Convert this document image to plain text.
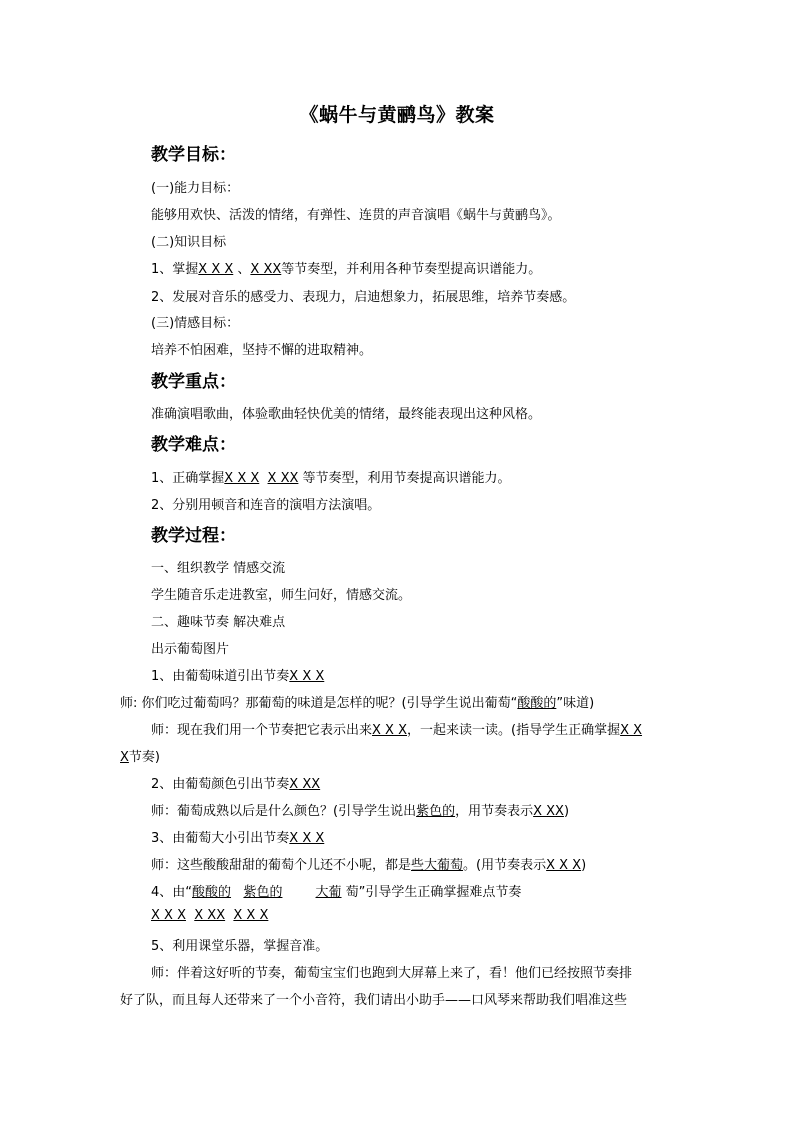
《蜗牛与黄鹂鸟》教案
教学目标：
(一)能力目标：
能够用欢快、活泼的情绪，有弹性、连贯的声音演唱《蜗牛与黄鹂鸟》。
(二)知识目标
1、掌握X X X 、X XX等节奏型，并利用各种节奏型提高识谱能力。
2、发展对音乐的感受力、表现力，启迪想象力，拓展思维，培养节奏感。
(三)情感目标：
培养不怕困难，坚持不懈的进取精神。
教学重点：
准确演唱歌曲，体验歌曲轻快优美的情绪，最终能表现出这种风格。
教学难点：
1、正确掌握X X X X XX 等节奏型，利用节奏提高识谱能力。
2、分别用顿音和连音的演唱方法演唱。
教学过程：
一、组织教学 情感交流
学生随音乐走进教室，师生问好，情感交流。
二、趣味节奏 解决难点
出示葡萄图片
1、由葡萄味道引出节奏X X X
师: 你们吃过葡萄吗？那葡萄的味道是怎样的呢？(引导学生说出葡萄“酸酸的”味道)
师：现在我们用一个节奏把它表示出来X X X，一起来读一读。(指导学生正确掌握X X
X节奏)
2、由葡萄颜色引出节奏X XX
师：葡萄成熟以后是什么颜色？(引导学生说出紫色的，用节奏表示X XX)
3、由葡萄大小引出节奏X X X
师：这些酸酸甜甜的葡萄个儿还不小呢，都是些大葡萄。(用节奏表示X X X)
4、由“酸酸的 紫色的	大葡 萄”引导学生正确掌握难点节奏
X X X X XX X X X
5、利用课堂乐器，掌握音准。
师：伴着这好听的节奏，葡萄宝宝们也跑到大屏幕上来了，看！他们已经按照节奏排
好了队，而且每人还带来了一个小音符，我们请出小助手——口风琴来帮助我们唱准这些
